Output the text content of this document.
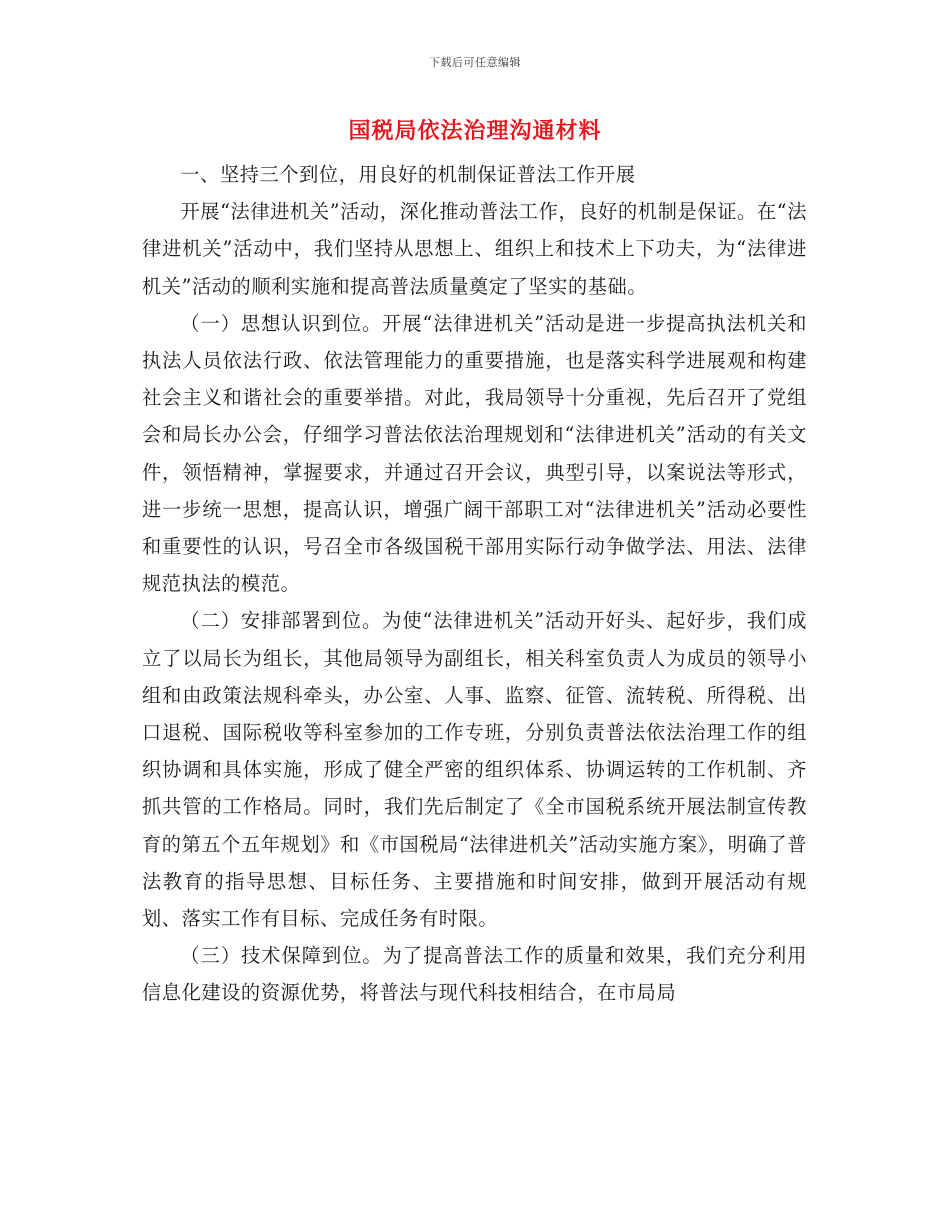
下载后可任意编辑
国税局依法治理沟通材料

一、坚持三个到位，用良好的机制保证普法工作开展

开展“法律进机关”活动，深化推动普法工作，良好的机制是保证。在“法律进机关”活动中，我们坚持从思想上、组织上和技术上下功夫，为“法律进机关”活动的顺利实施和提高普法质量奠定了坚实的基础。

（一）思想认识到位。开展“法律进机关”活动是进一步提高执法机关和执法人员依法行政、依法管理能力的重要措施，也是落实科学进展观和构建社会主义和谐社会的重要举措。对此，我局领导十分重视，先后召开了党组会和局长办公会，仔细学习普法依法治理规划和“法律进机关”活动的有关文件，领悟精神，掌握要求，并通过召开会议，典型引导，以案说法等形式，进一步统一思想，提高认识，增强广阔干部职工对“法律进机关”活动必要性和重要性的认识，号召全市各级国税干部用实际行动争做学法、用法、法律规范执法的模范。

（二）安排部署到位。为使“法律进机关”活动开好头、起好步，我们成立了以局长为组长，其他局领导为副组长，相关科室负责人为成员的领导小组和由政策法规科牵头，办公室、人事、监察、征管、流转税、所得税、出口退税、国际税收等科室参加的工作专班，分别负责普法依法治理工作的组织协调和具体实施，形成了健全严密的组织体系、协调运转的工作机制、齐抓共管的工作格局。同时，我们先后制定了《全市国税系统开展法制宣传教育的第五个五年规划》和《市国税局“法律进机关”活动实施方案》，明确了普法教育的指导思想、目标任务、主要措施和时间安排，做到开展活动有规划、落实工作有目标、完成任务有时限。

（三）技术保障到位。为了提高普法工作的质量和效果，我们充分利用信息化建设的资源优势，将普法与现代科技相结合，在市局局
